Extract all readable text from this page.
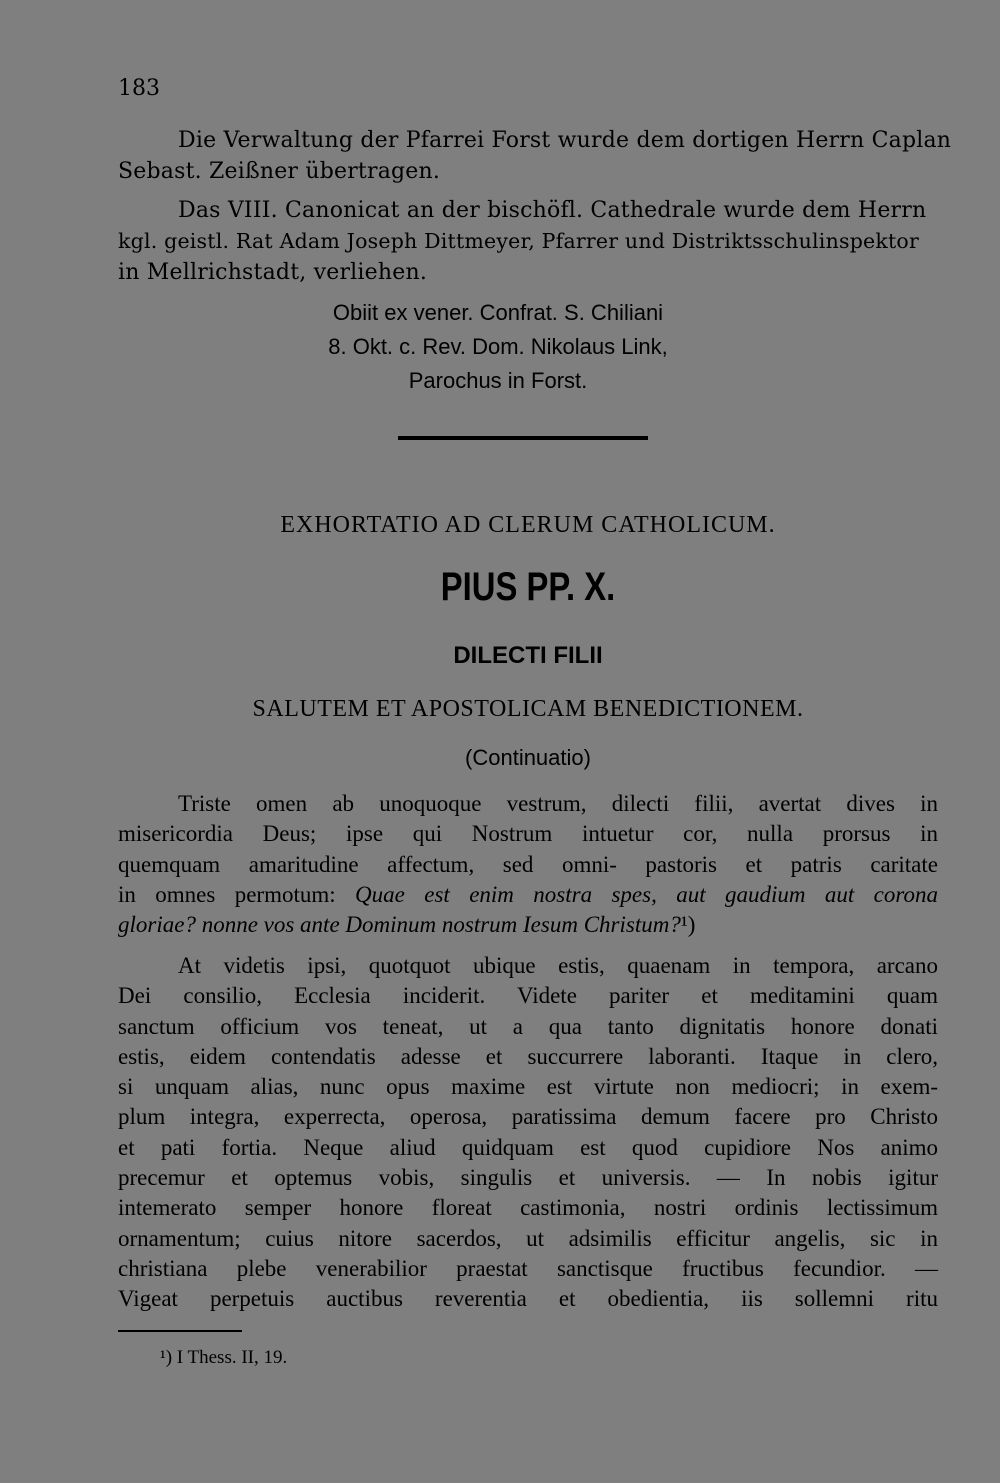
183
Die Verwaltung der Pfarrei Forst wurde dem dortigen Herrn Caplan
Sebast. Zeißner übertragen.
Das VIII. Canonicat an der bischöfl. Cathedrale wurde dem Herrn
kgl. geistl. Rat Adam Joseph Dittmeyer, Pfarrer und Distriktsschulinspektor
in Mellrichstadt, verliehen.
Obiit ex vener. Confrat. S. Chiliani
8. Okt. c. Rev. Dom. Nikolaus Link,
Parochus in Forst.
EXHORTATIO AD CLERUM CATHOLICUM.
PIUS PP. X.
DILECTI FILII
SALUTEM ET APOSTOLICAM BENEDICTIONEM.
(Continuatio)
Triste omen ab unoquoque vestrum, dilecti filii, avertat dives in
misericordia Deus; ipse qui Nostrum intuetur cor, nulla prorsus in
quemquam amaritudine affectum, sed omni- pastoris et patris caritate
in omnes permotum: Quae est enim nostra spes, aut gaudium aut corona
gloriae? nonne vos ante Dominum nostrum Iesum Christum?¹)
At videtis ipsi, quotquot ubique estis, quaenam in tempora, arcano
Dei consilio, Ecclesia inciderit. Videte pariter et meditamini quam
sanctum officium vos teneat, ut a qua tanto dignitatis honore donati
estis, eidem contendatis adesse et succurrere laboranti. Itaque in clero,
si unquam alias, nunc opus maxime est virtute non mediocri; in exem-
plum integra, experrecta, operosa, paratissima demum facere pro Christo
et pati fortia. Neque aliud quidquam est quod cupidiore Nos animo
precemur et optemus vobis, singulis et universis. — In nobis igitur
intemerato semper honore floreat castimonia, nostri ordinis lectissimum
ornamentum; cuius nitore sacerdos, ut adsimilis efficitur angelis, sic in
christiana plebe venerabilior praestat sanctisque fructibus fecundior. —
Vigeat perpetuis auctibus reverentia et obedientia, iis sollemni ritu
¹) I Thess. II, 19.
